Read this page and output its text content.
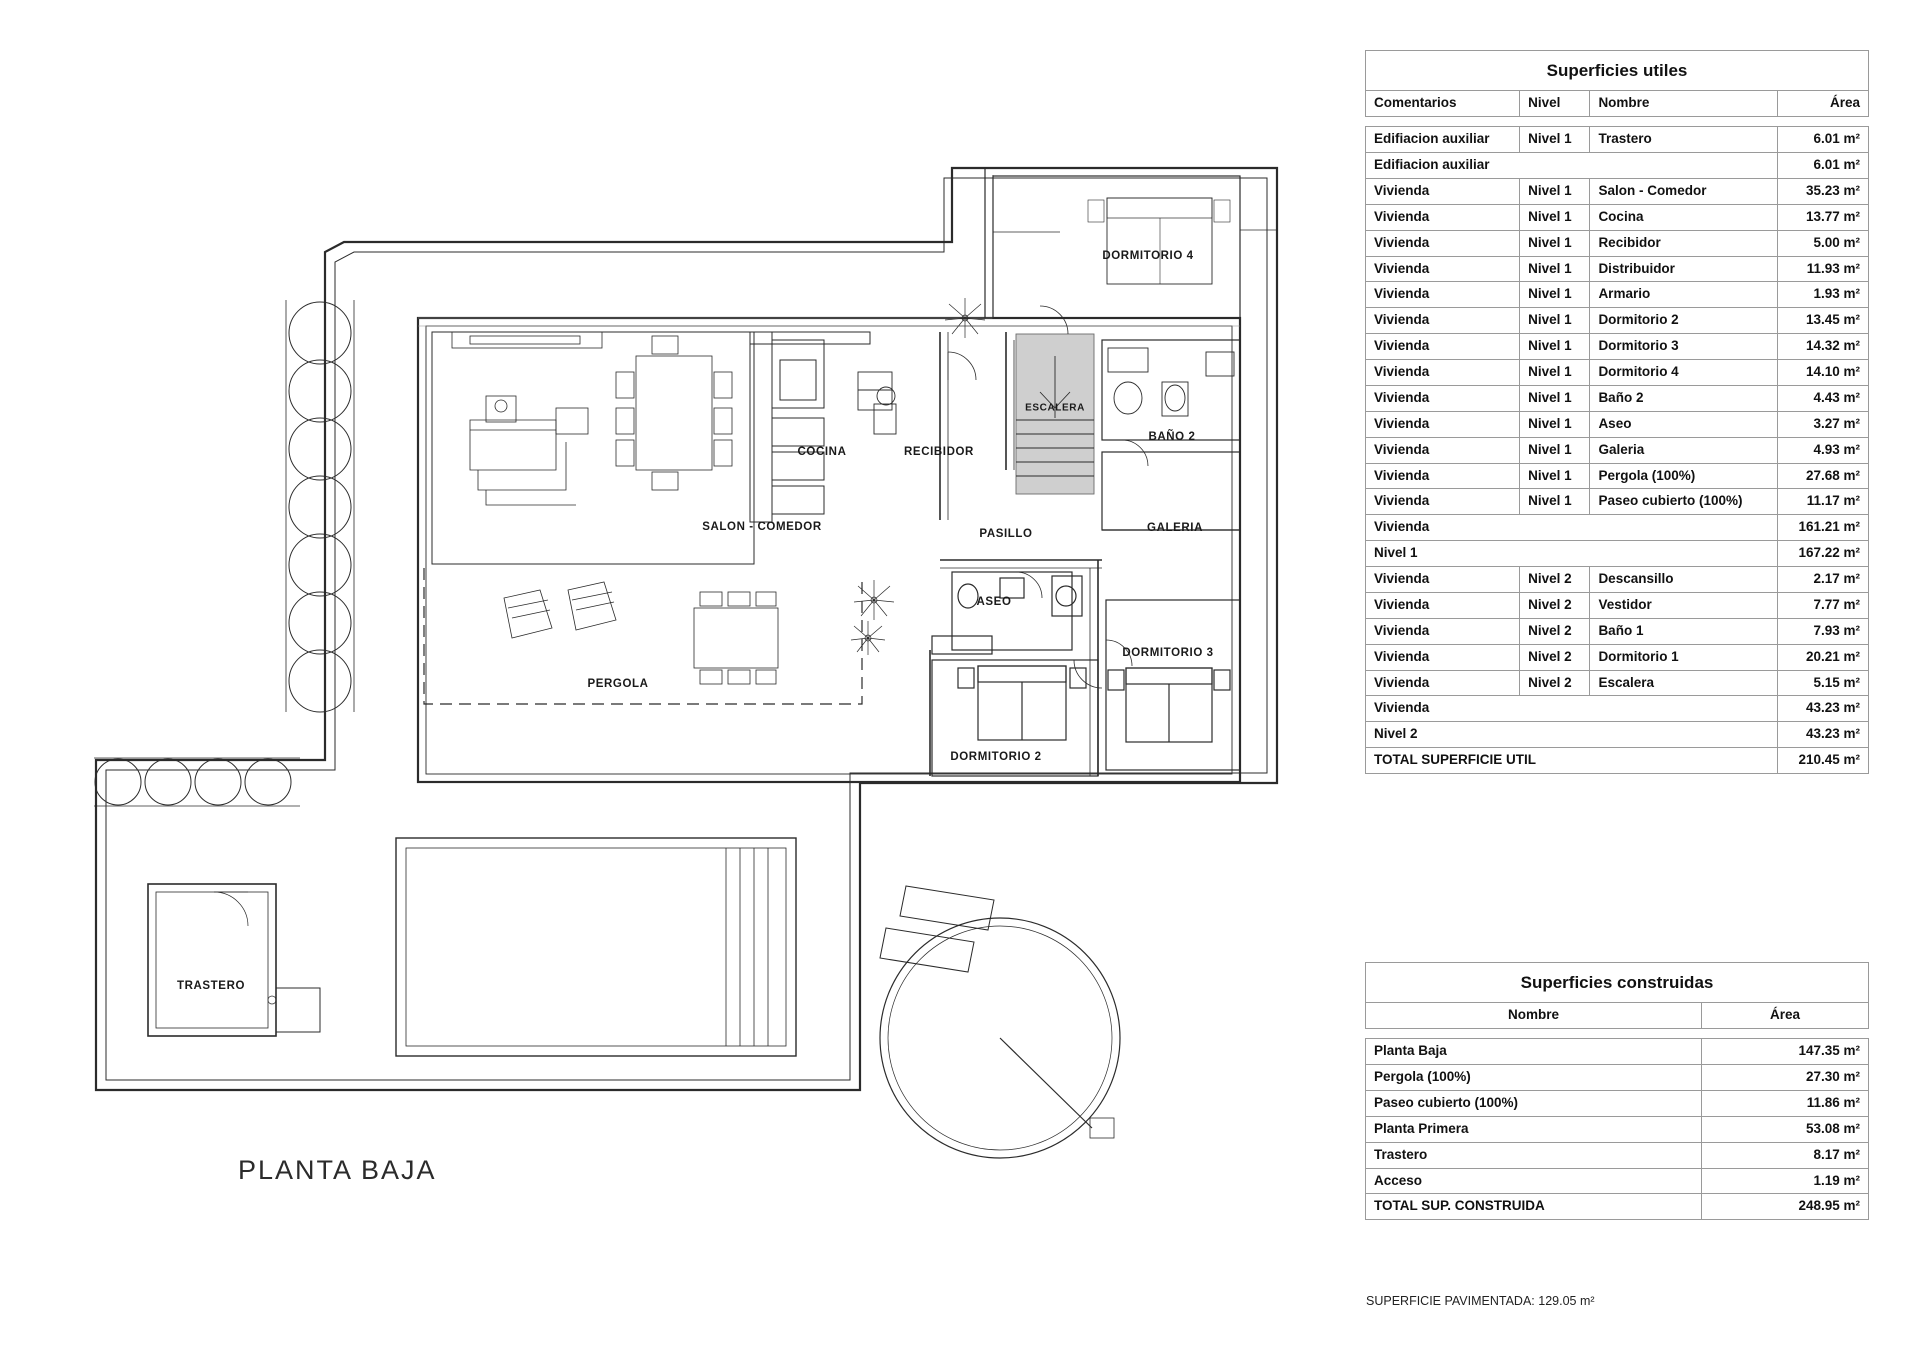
DORMITORIO 4
ESCALERA
COCINA	RECIBIDOR
BAÑO 2
GALERIA
SALON - COMEDOR
PASILLO
ASEO
DORMITORIO 3
PERGOLA
DORMITORIO 2
TRASTERO
PLANTA BAJA
Superficies utiles			
Comentarios	Nivel	Nombre	Área

Edifiacion auxiliar	Nivel 1	Trastero	6.01 m²
Edifiacion auxiliar			6.01 m²
Vivienda	Nivel 1	Salon - Comedor	35.23 m²
Vivienda	Nivel 1	Cocina	13.77 m²
Vivienda	Nivel 1	Recibidor	5.00 m²
Vivienda	Nivel 1	Distribuidor	11.93 m²
Vivienda	Nivel 1	Armario	1.93 m²
Vivienda	Nivel 1	Dormitorio 2	13.45 m²
Vivienda	Nivel 1	Dormitorio 3	14.32 m²
Vivienda	Nivel 1	Dormitorio 4	14.10 m²
Vivienda	Nivel 1	Baño 2	4.43 m²
Vivienda	Nivel 1	Aseo	3.27 m²
Vivienda	Nivel 1	Galeria	4.93 m²
Vivienda	Nivel 1	Pergola (100%)	27.68 m²
Vivienda	Nivel 1	Paseo cubierto (100%)	11.17 m²
Vivienda			161.21 m²
Nivel 1			167.22 m²
Vivienda	Nivel 2	Descansillo	2.17 m²
Vivienda	Nivel 2	Vestidor	7.77 m²
Vivienda	Nivel 2	Baño 1	7.93 m²
Vivienda	Nivel 2	Dormitorio 1	20.21 m²
Vivienda	Nivel 2	Escalera	5.15 m²
Vivienda			43.23 m²
Nivel 2			43.23 m²
TOTAL SUPERFICIE UTIL			210.45 m²
Superficies construidas	
Nombre	Área

Planta Baja	147.35 m²
Pergola (100%)	27.30 m²
Paseo cubierto (100%)	11.86 m²
Planta Primera	53.08 m²
Trastero	8.17 m²
Acceso	1.19 m²
TOTAL SUP. CONSTRUIDA	248.95 m²
SUPERFICIE PAVIMENTADA: 129.05 m²
